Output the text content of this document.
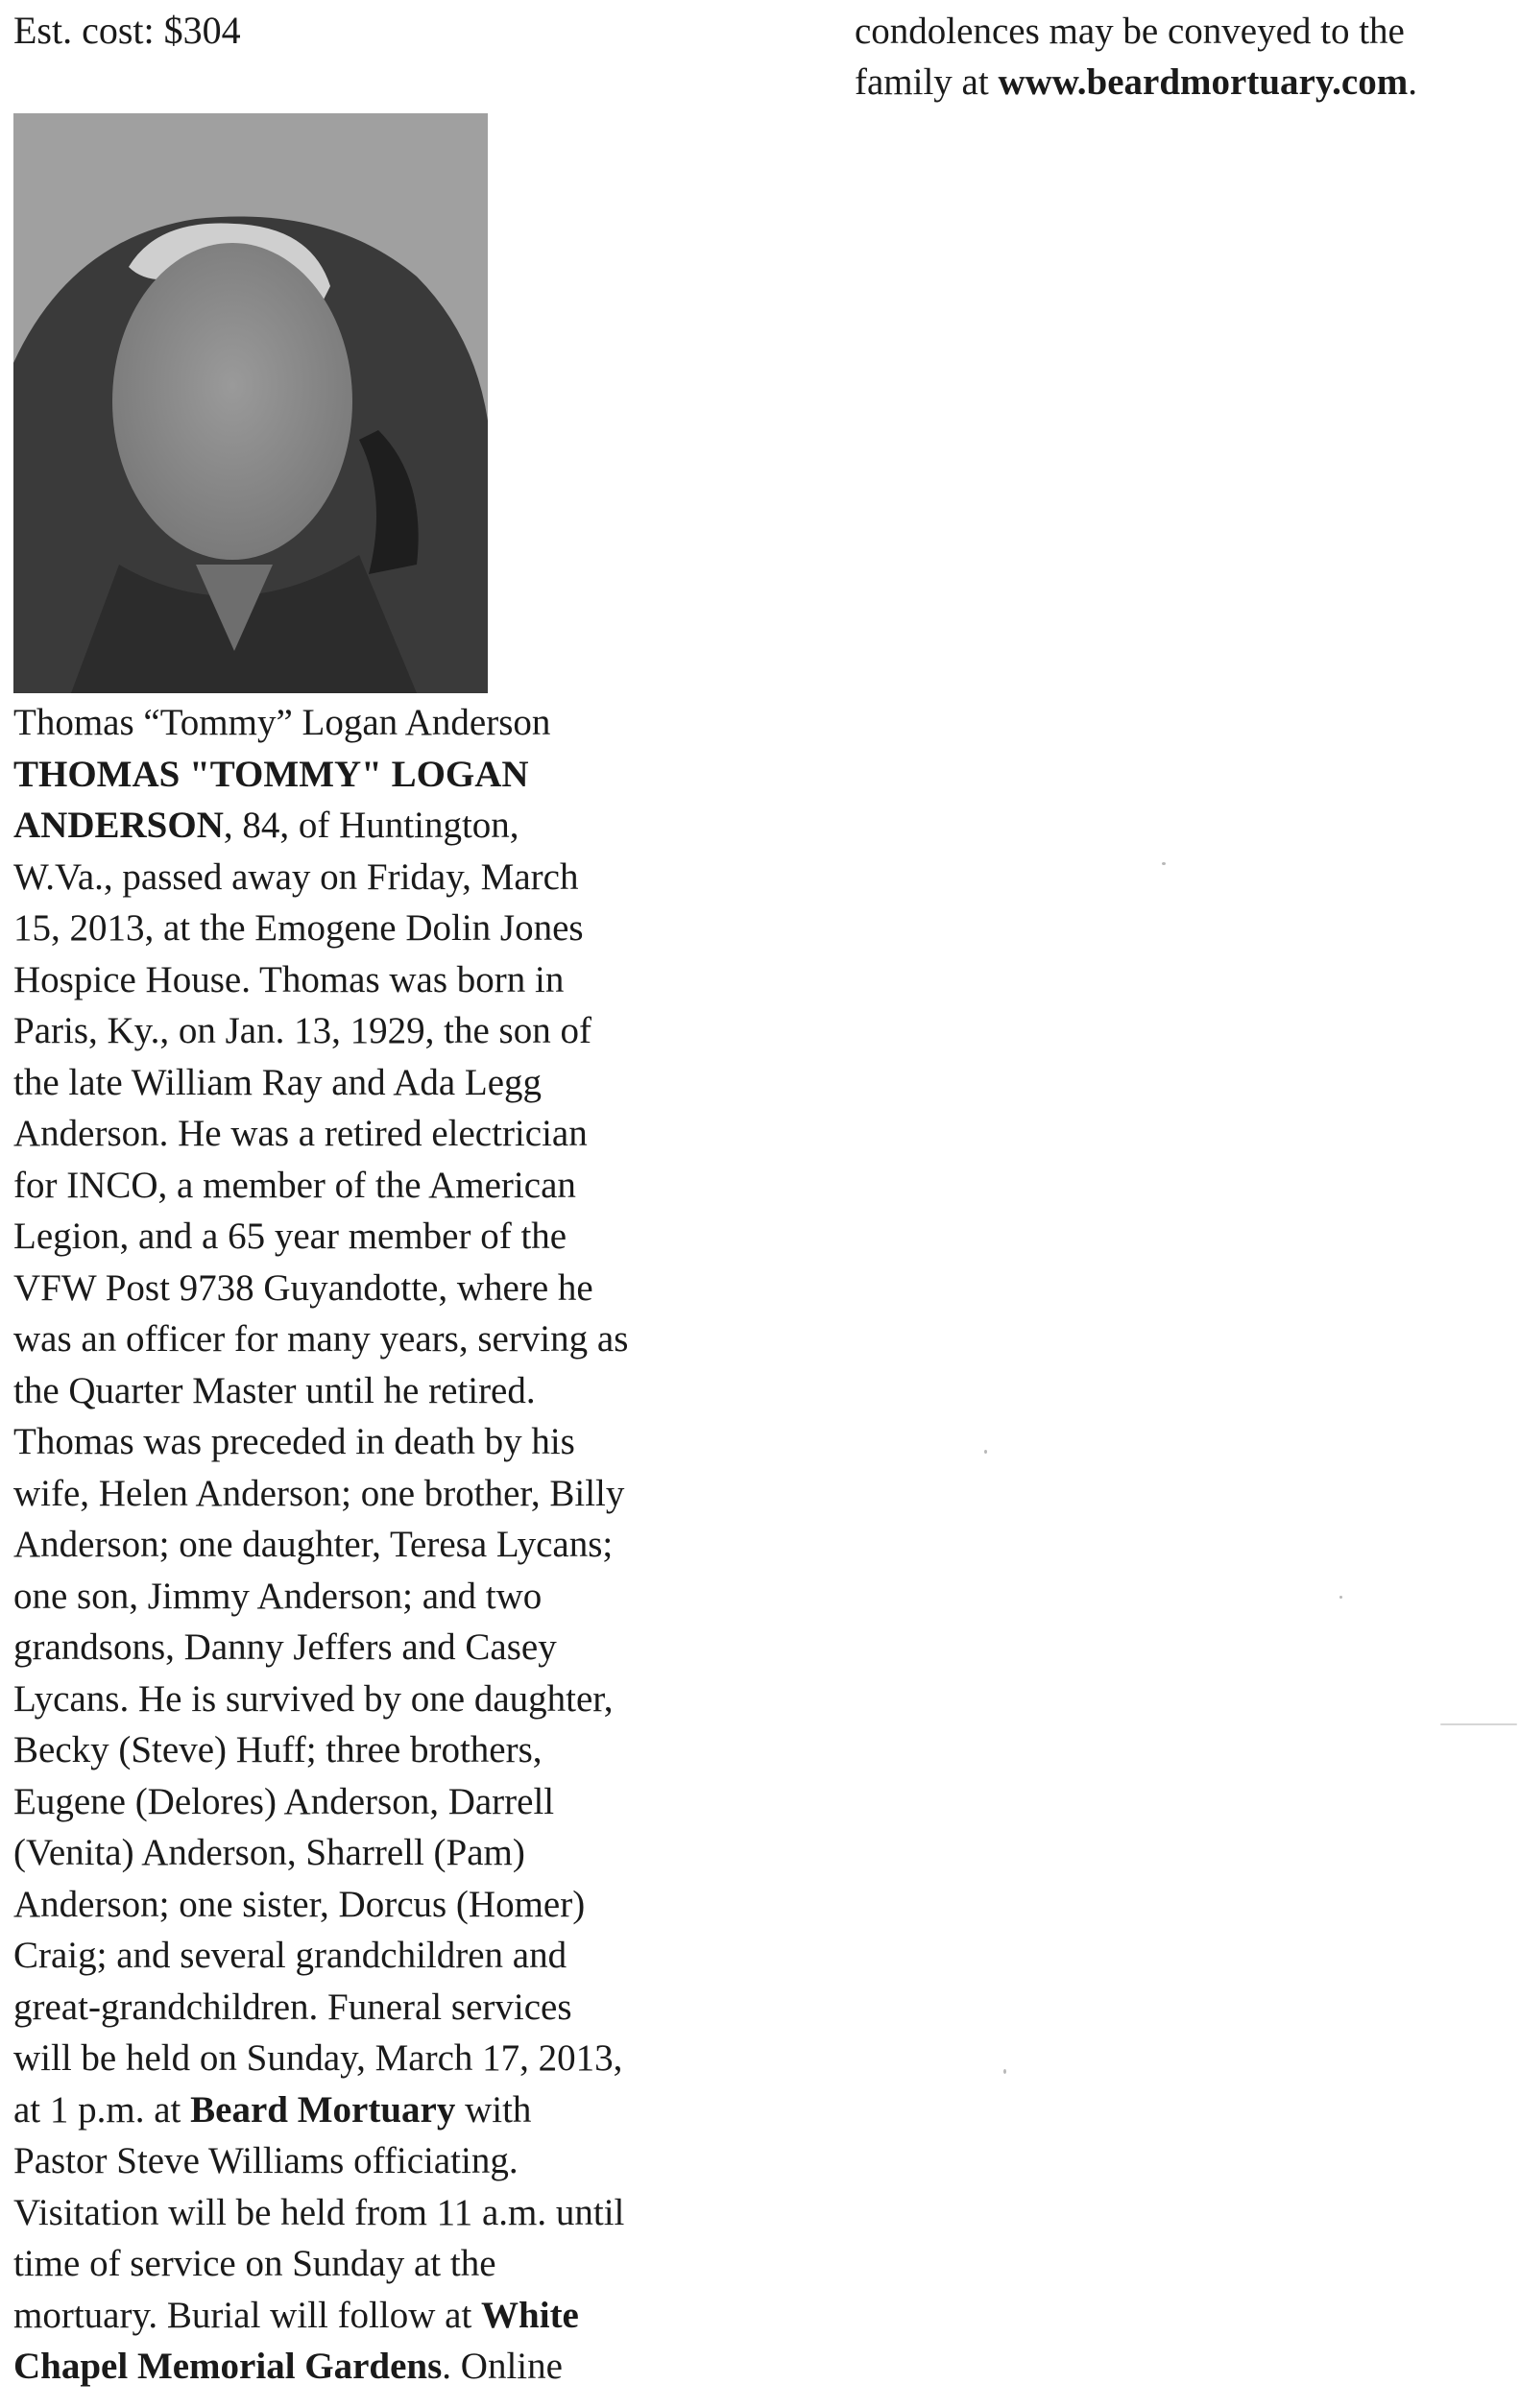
Est. cost: $304
Thomas “Tommy” Logan Anderson
THOMAS "TOMMY" LOGAN
ANDERSON, 84, of Huntington,
W.Va., passed away on Friday, March
15, 2013, at the Emogene Dolin Jones
Hospice House. Thomas was born in
Paris, Ky., on Jan. 13, 1929, the son of
the late William Ray and Ada Legg
Anderson. He was a retired electrician
for INCO, a member of the American
Legion, and a 65 year member of the
VFW Post 9738 Guyandotte, where he
was an officer for many years, serving as
the Quarter Master until he retired.
Thomas was preceded in death by his
wife, Helen Anderson; one brother, Billy
Anderson; one daughter, Teresa Lycans;
one son, Jimmy Anderson; and two
grandsons, Danny Jeffers and Casey
Lycans. He is survived by one daughter,
Becky (Steve) Huff; three brothers,
Eugene (Delores) Anderson, Darrell
(Venita) Anderson, Sharrell (Pam)
Anderson; one sister, Dorcus (Homer)
Craig; and several grandchildren and
great-grandchildren. Funeral services
will be held on Sunday, March 17, 2013,
at 1 p.m. at Beard Mortuary with
Pastor Steve Williams officiating.
Visitation will be held from 11 a.m. until
time of service on Sunday at the
mortuary. Burial will follow at White
Chapel Memorial Gardens. Online
condolences may be conveyed to the
family at www.beardmortuary.com.
